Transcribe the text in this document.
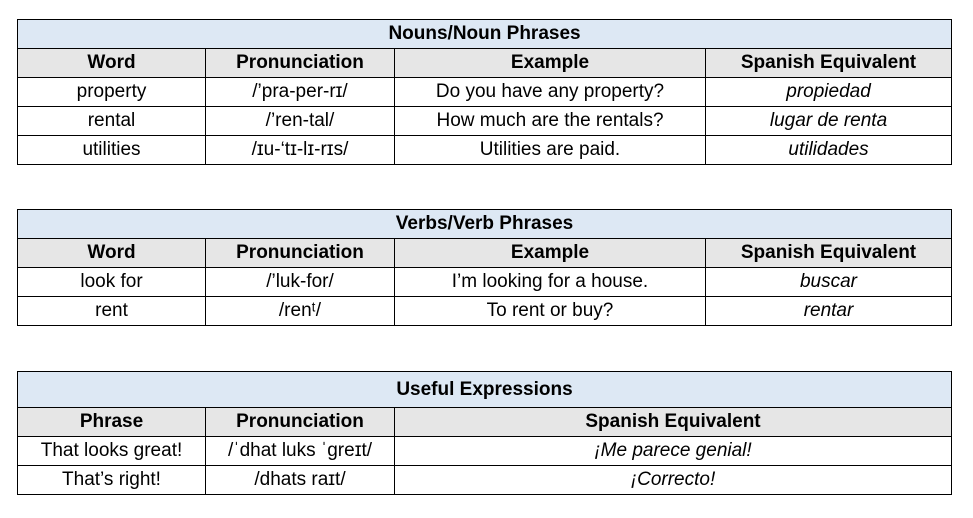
Nouns/Noun Phrases			
Word	Pronunciation	Example	Spanish Equivalent
property	/’pra-per-rɪ/	Do you have any property?	propiedad
rental	/’ren-tal/	How much are the rentals?	lugar de renta
utilities	/ɪu-‘tɪ-lɪ-rɪs/	Utilities are paid.	utilidades
Verbs/Verb Phrases			
Word	Pronunciation	Example	Spanish Equivalent
look for	/’luk-for/	I’m looking for a house.	buscar
rent	/renᵗ/	To rent or buy?	rentar
Useful Expressions		
Phrase	Pronunciation	Spanish Equivalent
That looks great!	/ˈdhat luks ˈgreɪt/	¡Me parece genial!
That’s right!	/dhats raɪt/	¡Correcto!
